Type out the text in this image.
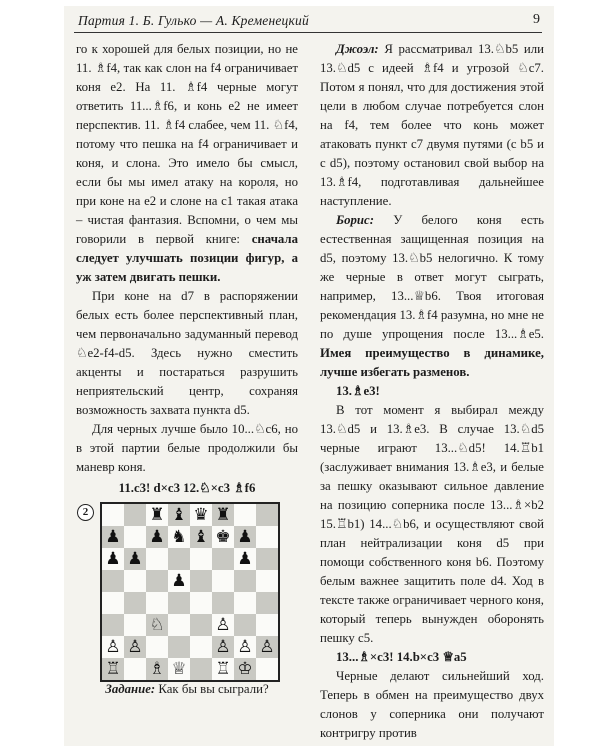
Партия 1. Б. Гулько — А. Кременецкий	9

го к хорошей для белых позиции, но не 11. ♗f4, так как слон на f4 ограничивает коня e2. На 11. ♗f4 черные могут ответить 11...♗f6, и конь e2 не имеет перспектив. 11. ♗f4 слабее, чем 11. ♘f4, потому что пешка на f4 ограничивает и коня, и слона. Это имело бы смысл, если бы мы имел атаку на короля, но при коне на e2 и слоне на c1 такая атака – чистая фантазия. Вспомни, о чем мы говорили в первой книге: сначала следует улучшать позиции фигур, а уж затем двигать пешки.

При коне на d7 в распоряжении белых есть более перспективный план, чем первоначально задуманный перевод ♘e2-f4-d5. Здесь нужно сместить акценты и постараться разрушить неприятельский центр, сохраняя возможность захвата пункта d5.

Для черных лучше было 10...♘c6, но в этой партии белые продолжили бы маневр коня.

11.c3! d×c3 12.♘×c3 ♗f6

2	♜ ♝ ♛ ♜
♟ ♟ ♞ ♝ ♚ ♟
♟ ♟	♟
♟
♘	♙
♙ ♙	♙ ♙ ♙
♖ ♗ ♕ ♖ ♔

Задание: Как бы вы сыграли?

Джоэл: Я рассматривал 13.♘b5 или 13.♘d5 с идеей ♗f4 и угрозой ♘c7. Потом я понял, что для достижения этой цели в любом случае потребуется слон на f4, тем более что конь может атаковать пункт c7 двумя путями (c b5 и c d5), поэтому остановил свой выбор на 13.♗f4, подготавливая дальнейшее наступление.

Борис: У белого коня есть естественная защищенная позиция на d5, поэтому 13.♘b5 нелогично. К тому же черные в ответ могут сыграть, например, 13...♕b6. Твоя итоговая рекомендация 13.♗f4 разумна, но мне не по душе упрощения после 13...♗e5. Имея преимущество в динамике, лучше избегать разменов.

13.♗e3!

В тот момент я выбирал между 13.♘d5 и 13.♗e3. В случае 13.♘d5 черные играют 13...♘d5! 14.♖b1 (заслуживает внимания 13.♗e3, и белые за пешку оказывают сильное давление на позицию соперника после 13...♗×b2 15.♖b1) 14...♘b6, и осуществляют свой план нейтрализации коня d5 при помощи собственного коня b6. Поэтому белым важнее защитить поле d4. Ход в тексте также ограничивает черного коня, который теперь вынужден оборонять пешку c5.

13...♗×c3! 14.b×c3 ♕a5

Черные делают сильнейший ход. Теперь в обмен на преимущество двух слонов у соперника они получают контригру против
